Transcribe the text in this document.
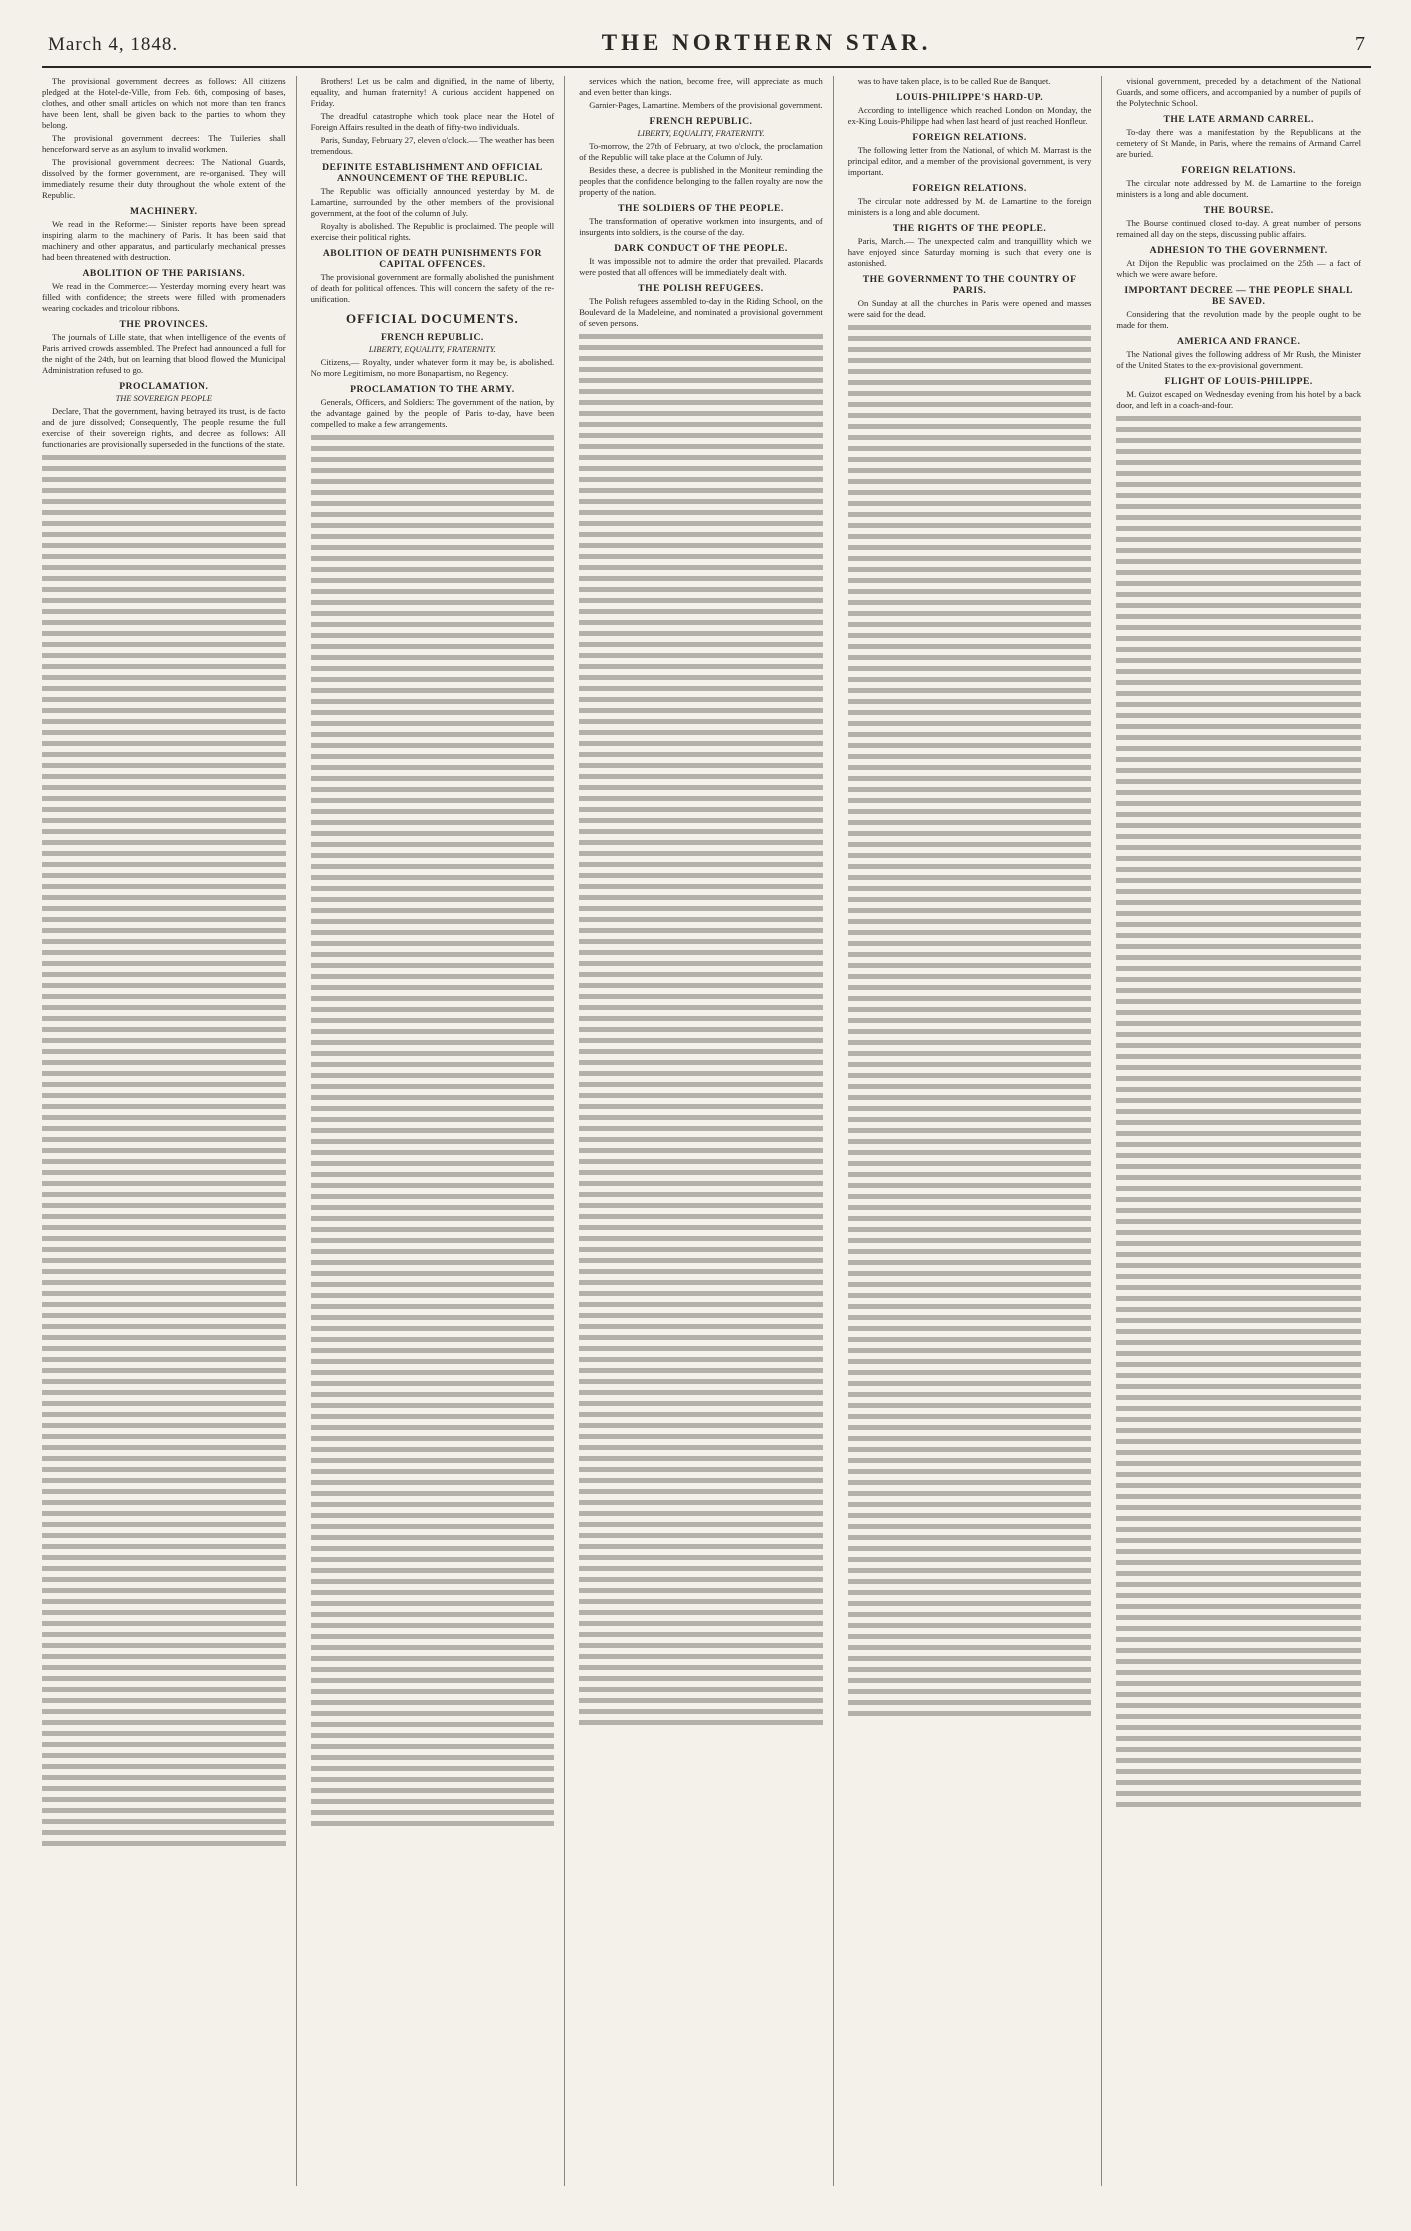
March 4, 1848.	THE NORTHERN STAR.	7

The provisional government decrees as follows: All citizens pledged at the Hotel-de-Ville, from Feb. 6th, composing of bases, clothes, and other small articles on which not more than ten francs have been lent, shall be given back to the parties to whom they belong.

The provisional government decrees: The Tuileries shall henceforward serve as an asylum to invalid workmen.

The provisional government decrees: The National Guards, dissolved by the former government, are re-organised. They will immediately resume their duty throughout the whole extent of the Republic.

MACHINERY.

We read in the Reforme:— Sinister reports have been spread inspiring alarm to the machinery of Paris. It has been said that machinery and other apparatus, and particularly mechanical presses had been threatened with destruction.

ABOLITION OF THE PARISIANS.

We read in the Commerce:— Yesterday morning every heart was filled with confidence; the streets were filled with promenaders wearing cockades and tricolour ribbons.

THE PROVINCES.

The journals of Lille state, that when intelligence of the events of Paris arrived crowds assembled. The Prefect had announced a full for the night of the 24th, but on learning that blood flowed the Municipal Administration refused to go.

PROCLAMATION.
THE SOVEREIGN PEOPLE

Declare, That the government, having betrayed its trust, is de facto and de jure dissolved; Consequently, The people resume the full exercise of their sovereign rights, and decree as follows: All functionaries are provisionally superseded in the functions of the state.

Brothers! Let us be calm and dignified, in the name of liberty, equality, and human fraternity! A curious accident happened on Friday.

The dreadful catastrophe which took place near the Hotel of Foreign Affairs resulted in the death of fifty-two individuals.

Paris, Sunday, February 27, eleven o'clock.— The weather has been tremendous.

DEFINITE ESTABLISHMENT AND OFFICIAL ANNOUNCEMENT OF THE REPUBLIC.

The Republic was officially announced yesterday by M. de Lamartine, surrounded by the other members of the provisional government, at the foot of the column of July.

Royalty is abolished. The Republic is proclaimed. The people will exercise their political rights.

ABOLITION OF DEATH PUNISHMENTS FOR CAPITAL OFFENCES.

The provisional government are formally abolished the punishment of death for political offences. This will concern the safety of the re-unification.

OFFICIAL DOCUMENTS.
FRENCH REPUBLIC.
LIBERTY, EQUALITY, FRATERNITY.

Citizens,— Royalty, under whatever form it may be, is abolished. No more Legitimism, no more Bonapartism, no Regency.

PROCLAMATION TO THE ARMY.

Generals, Officers, and Soldiers: The government of the nation, by the advantage gained by the people of Paris to-day, have been compelled to make a few arrangements.

services which the nation, become free, will appreciate as much and even better than kings.

Garnier-Pages, Lamartine. Members of the provisional government.

FRENCH REPUBLIC.
LIBERTY, EQUALITY, FRATERNITY.

To-morrow, the 27th of February, at two o'clock, the proclamation of the Republic will take place at the Column of July.

Besides these, a decree is published in the Moniteur reminding the peoples that the confidence belonging to the fallen royalty are now the property of the nation.

THE SOLDIERS OF THE PEOPLE.

The transformation of operative workmen into insurgents, and of insurgents into soldiers, is the course of the day.

DARK CONDUCT OF THE PEOPLE.

It was impossible not to admire the order that prevailed. Placards were posted that all offences will be immediately dealt with.

THE POLISH REFUGEES.

The Polish refugees assembled to-day in the Riding School, on the Boulevard de la Madeleine, and nominated a provisional government of seven persons.

was to have taken place, is to be called Rue de Banquet.

LOUIS-PHILIPPE'S HARD-UP.

According to intelligence which reached London on Monday, the ex-King Louis-Philippe had when last heard of just reached Honfleur.

FOREIGN RELATIONS.

The following letter from the National, of which M. Marrast is the principal editor, and a member of the provisional government, is very important.

FOREIGN RELATIONS.

The circular note addressed by M. de Lamartine to the foreign ministers is a long and able document.

THE RIGHTS OF THE PEOPLE.

Paris, March.— The unexpected calm and tranquillity which we have enjoyed since Saturday morning is such that every one is astonished.

THE GOVERNMENT TO THE COUNTRY OF PARIS.

On Sunday at all the churches in Paris were opened and masses were said for the dead.

visional government, preceded by a detachment of the National Guards, and some officers, and accompanied by a number of pupils of the Polytechnic School.

THE LATE ARMAND CARREL.

To-day there was a manifestation by the Republicans at the cemetery of St Mande, in Paris, where the remains of Armand Carrel are buried.

FOREIGN RELATIONS.

The circular note addressed by M. de Lamartine to the foreign ministers is a long and able document.

THE BOURSE.

The Bourse continued closed to-day. A great number of persons remained all day on the steps, discussing public affairs.

ADHESION TO THE GOVERNMENT.

At Dijon the Republic was proclaimed on the 25th — a fact of which we were aware before.

IMPORTANT DECREE — THE PEOPLE SHALL BE SAVED.

Considering that the revolution made by the people ought to be made for them.

AMERICA AND FRANCE.

The National gives the following address of Mr Rush, the Minister of the United States to the ex-provisional government.

FLIGHT OF LOUIS-PHILIPPE.

M. Guizot escaped on Wednesday evening from his hotel by a back door, and left in a coach-and-four.
